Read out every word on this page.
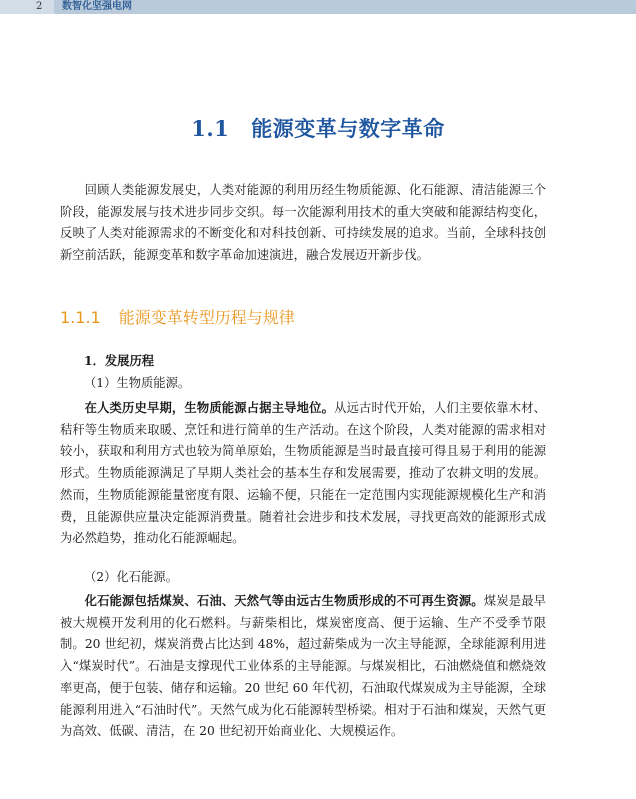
2 数智化坚强电网
1.1 能源变革与数字革命

回顾人类能源发展史，人类对能源的利用历经生物质能源、化石能源、清洁能源三个阶段，能源发展与技术进步同步交织。每一次能源利用技术的重大突破和能源结构变化，反映了人类对能源需求的不断变化和对科技创新、可持续发展的追求。当前，全球科技创新空前活跃，能源变革和数字革命加速演进，融合发展迈开新步伐。

1.1.1 能源变革转型历程与规律
1．发展历程
（1）生物质能源。

在人类历史早期，生物质能源占据主导地位。从远古时代开始，人们主要依靠木材、秸秆等生物质来取暖、烹饪和进行简单的生产活动。在这个阶段，人类对能源的需求相对较小，获取和利用方式也较为简单原始，生物质能源是当时最直接可得且易于利用的能源形式。生物质能源满足了早期人类社会的基本生存和发展需要，推动了农耕文明的发展。然而，生物质能源能量密度有限、运输不便，只能在一定范围内实现能源规模化生产和消费，且能源供应量决定能源消费量。随着社会进步和技术发展，寻找更高效的能源形式成为必然趋势，推动化石能源崛起。

（2）化石能源。

化石能源包括煤炭、石油、天然气等由远古生物质形成的不可再生资源。煤炭是最早被大规模开发利用的化石燃料。与薪柴相比，煤炭密度高、便于运输、生产不受季节限制。20 世纪初，煤炭消费占比达到 48%，超过薪柴成为一次主导能源，全球能源利用进入“煤炭时代”。石油是支撑现代工业体系的主导能源。与煤炭相比，石油燃烧值和燃烧效率更高，便于包装、储存和运输。20 世纪 60 年代初，石油取代煤炭成为主导能源，全球能源利用进入“石油时代”。天然气成为化石能源转型桥梁。相对于石油和煤炭，天然气更为高效、低碳、清洁，在 20 世纪初开始商业化、大规模运作。
